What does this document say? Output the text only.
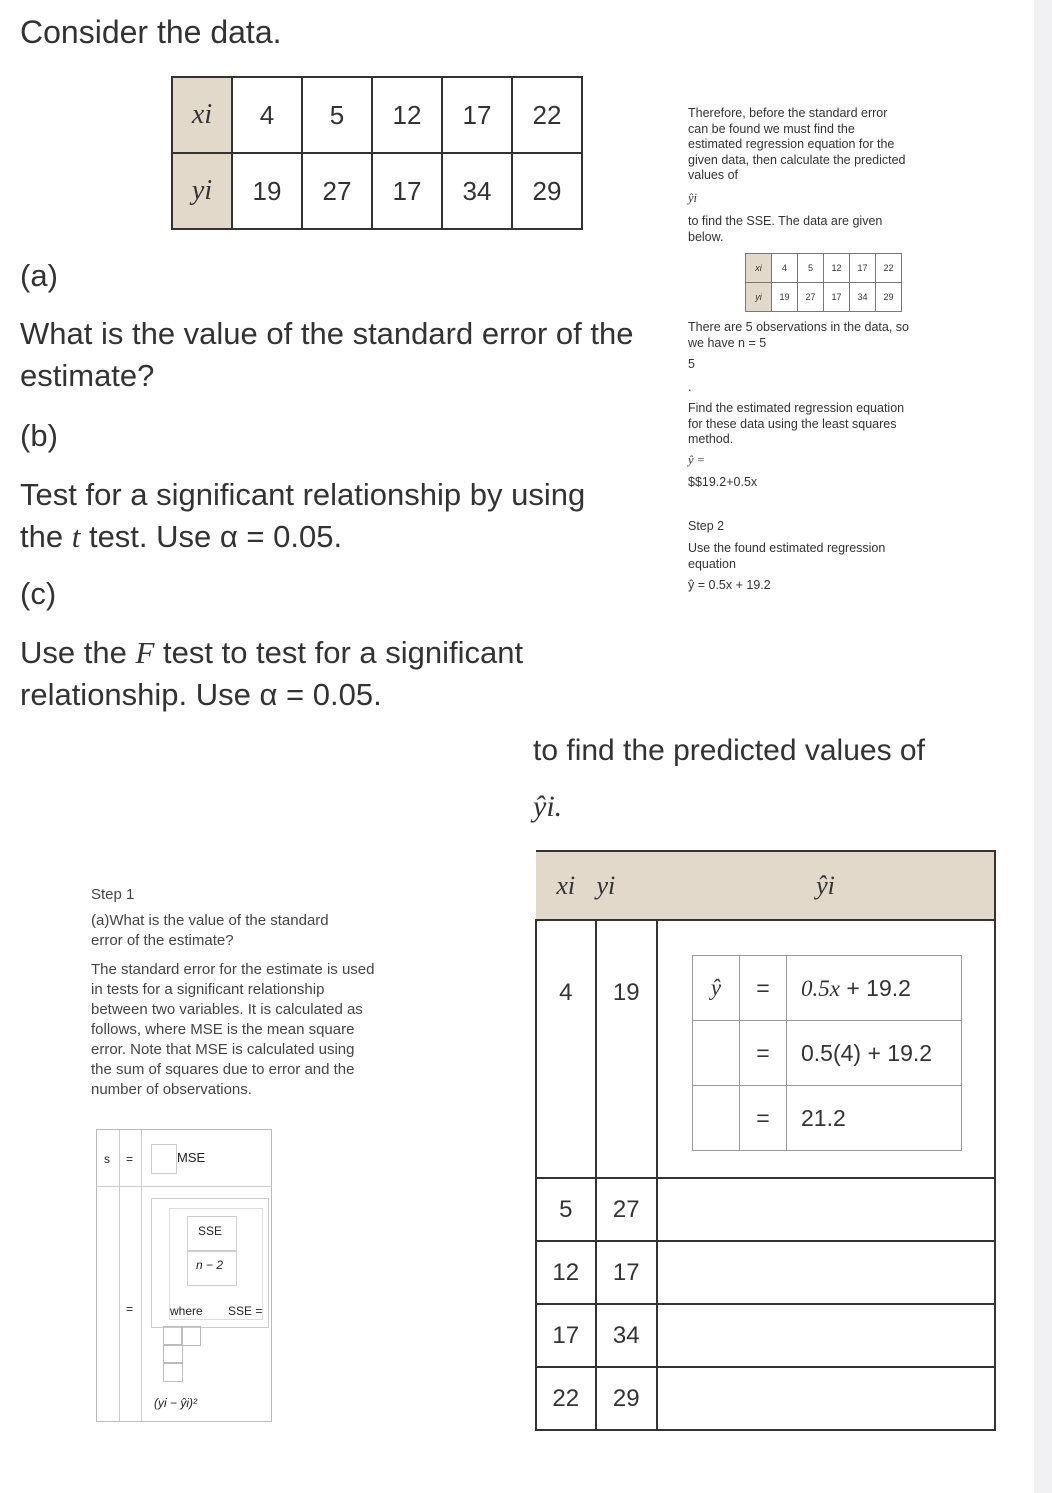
Consider the data.
xi	4	5	12	17	22
yi	19	27	17	34	29
(a)
What is the value of the standard error of the estimate?
(b)
Test for a significant relationship by using the t test. Use α = 0.05.
(c)
Use the F test to test for a significant relationship. Use α = 0.05.
Therefore, before the standard error can be found we must find the estimated regression equation for the given data, then calculate the predicted values of
ŷi
to find the SSE. The data are given below.
xi	4	5	12	17	22
yi	19	27	17	34	29
There are 5 observations in the data, so we have n = 5
5
.
Find the estimated regression equation for these data using the least squares method.
ŷ =
$$19.2+0.5x
Step 2
Use the found estimated regression equation
ŷ = 0.5x + 19.2
Step 1
(a)What is the value of the standard error of the estimate?
The standard error for the estimate is used in tests for a significant relationship between two variables. It is calculated as follows, where MSE is the mean square error. Note that MSE is calculated using the sum of squares due to error and the number of observations.
s =	MSE
=
SSE
n − 2
where SSE =
(yi − ŷi)²
to find the predicted values of
ŷi.
xi	yi	ŷi
4	19		ŷ	=	0.5x + 19.2
	=	0.5(4) + 19.2
	=	21.2

5	27	
12	17	
17	34	
22	29	
